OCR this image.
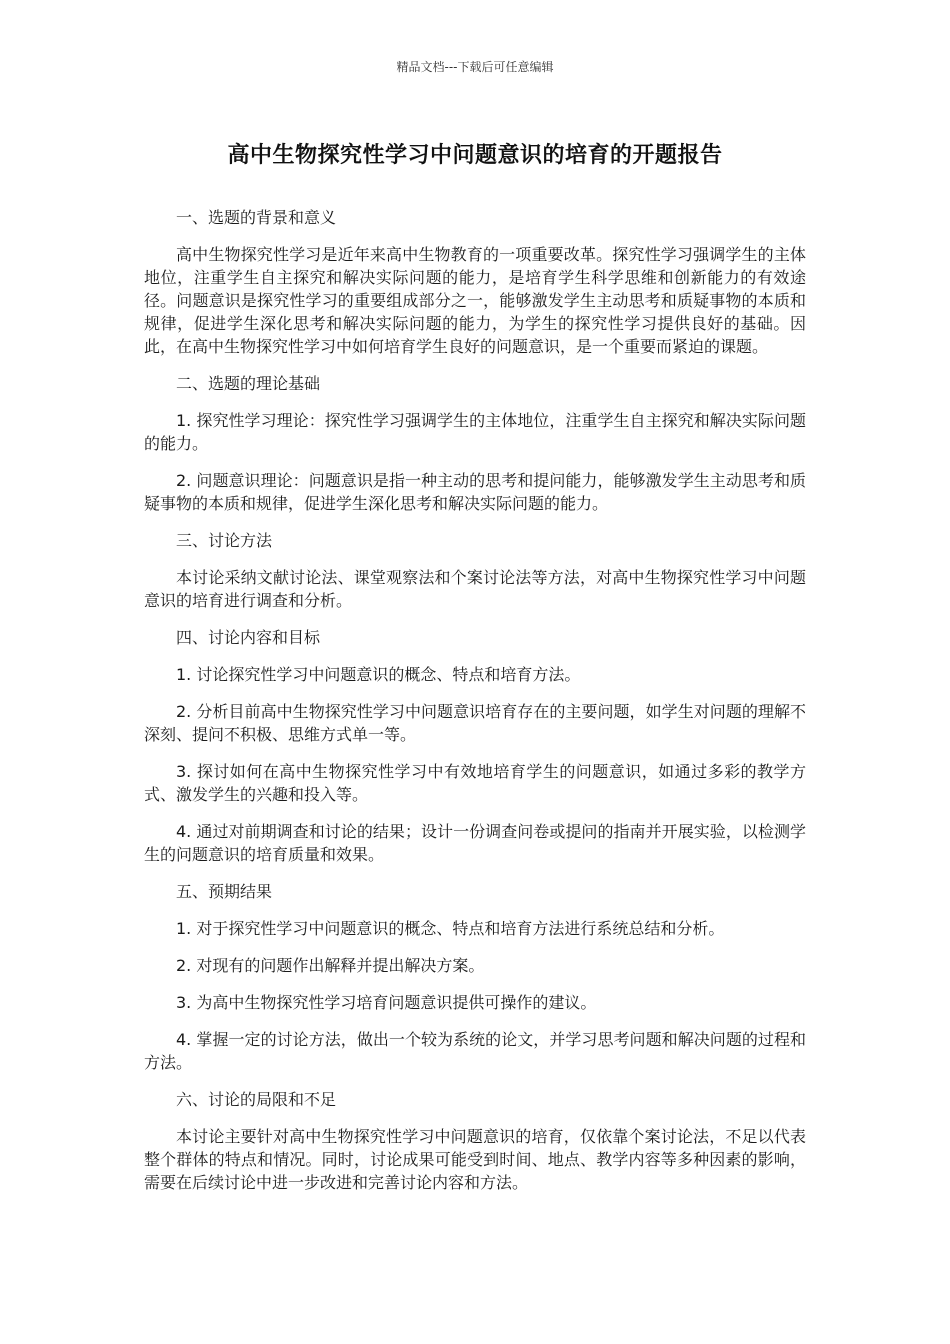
精品文档---下载后可任意编辑
高中生物探究性学习中问题意识的培育的开题报告

一、选题的背景和意义

高中生物探究性学习是近年来高中生物教育的一项重要改革。探究性学习强调学生的主体地位，注重学生自主探究和解决实际问题的能力，是培育学生科学思维和创新能力的有效途径。问题意识是探究性学习的重要组成部分之一，能够激发学生主动思考和质疑事物的本质和规律，促进学生深化思考和解决实际问题的能力，为学生的探究性学习提供良好的基础。因此，在高中生物探究性学习中如何培育学生良好的问题意识，是一个重要而紧迫的课题。

二、选题的理论基础

1. 探究性学习理论：探究性学习强调学生的主体地位，注重学生自主探究和解决实际问题的能力。

2. 问题意识理论：问题意识是指一种主动的思考和提问能力，能够激发学生主动思考和质疑事物的本质和规律，促进学生深化思考和解决实际问题的能力。

三、讨论方法

本讨论采纳文献讨论法、课堂观察法和个案讨论法等方法，对高中生物探究性学习中问题意识的培育进行调查和分析。

四、讨论内容和目标

1. 讨论探究性学习中问题意识的概念、特点和培育方法。

2. 分析目前高中生物探究性学习中问题意识培育存在的主要问题，如学生对问题的理解不深刻、提问不积极、思维方式单一等。

3. 探讨如何在高中生物探究性学习中有效地培育学生的问题意识，如通过多彩的教学方式、激发学生的兴趣和投入等。

4. 通过对前期调查和讨论的结果；设计一份调查问卷或提问的指南并开展实验，以检测学生的问题意识的培育质量和效果。

五、预期结果

1. 对于探究性学习中问题意识的概念、特点和培育方法进行系统总结和分析。

2. 对现有的问题作出解释并提出解决方案。

3. 为高中生物探究性学习培育问题意识提供可操作的建议。

4. 掌握一定的讨论方法，做出一个较为系统的论文，并学习思考问题和解决问题的过程和方法。

六、讨论的局限和不足

本讨论主要针对高中生物探究性学习中问题意识的培育，仅依靠个案讨论法，不足以代表整个群体的特点和情况。同时，讨论成果可能受到时间、地点、教学内容等多种因素的影响，需要在后续讨论中进一步改进和完善讨论内容和方法。
